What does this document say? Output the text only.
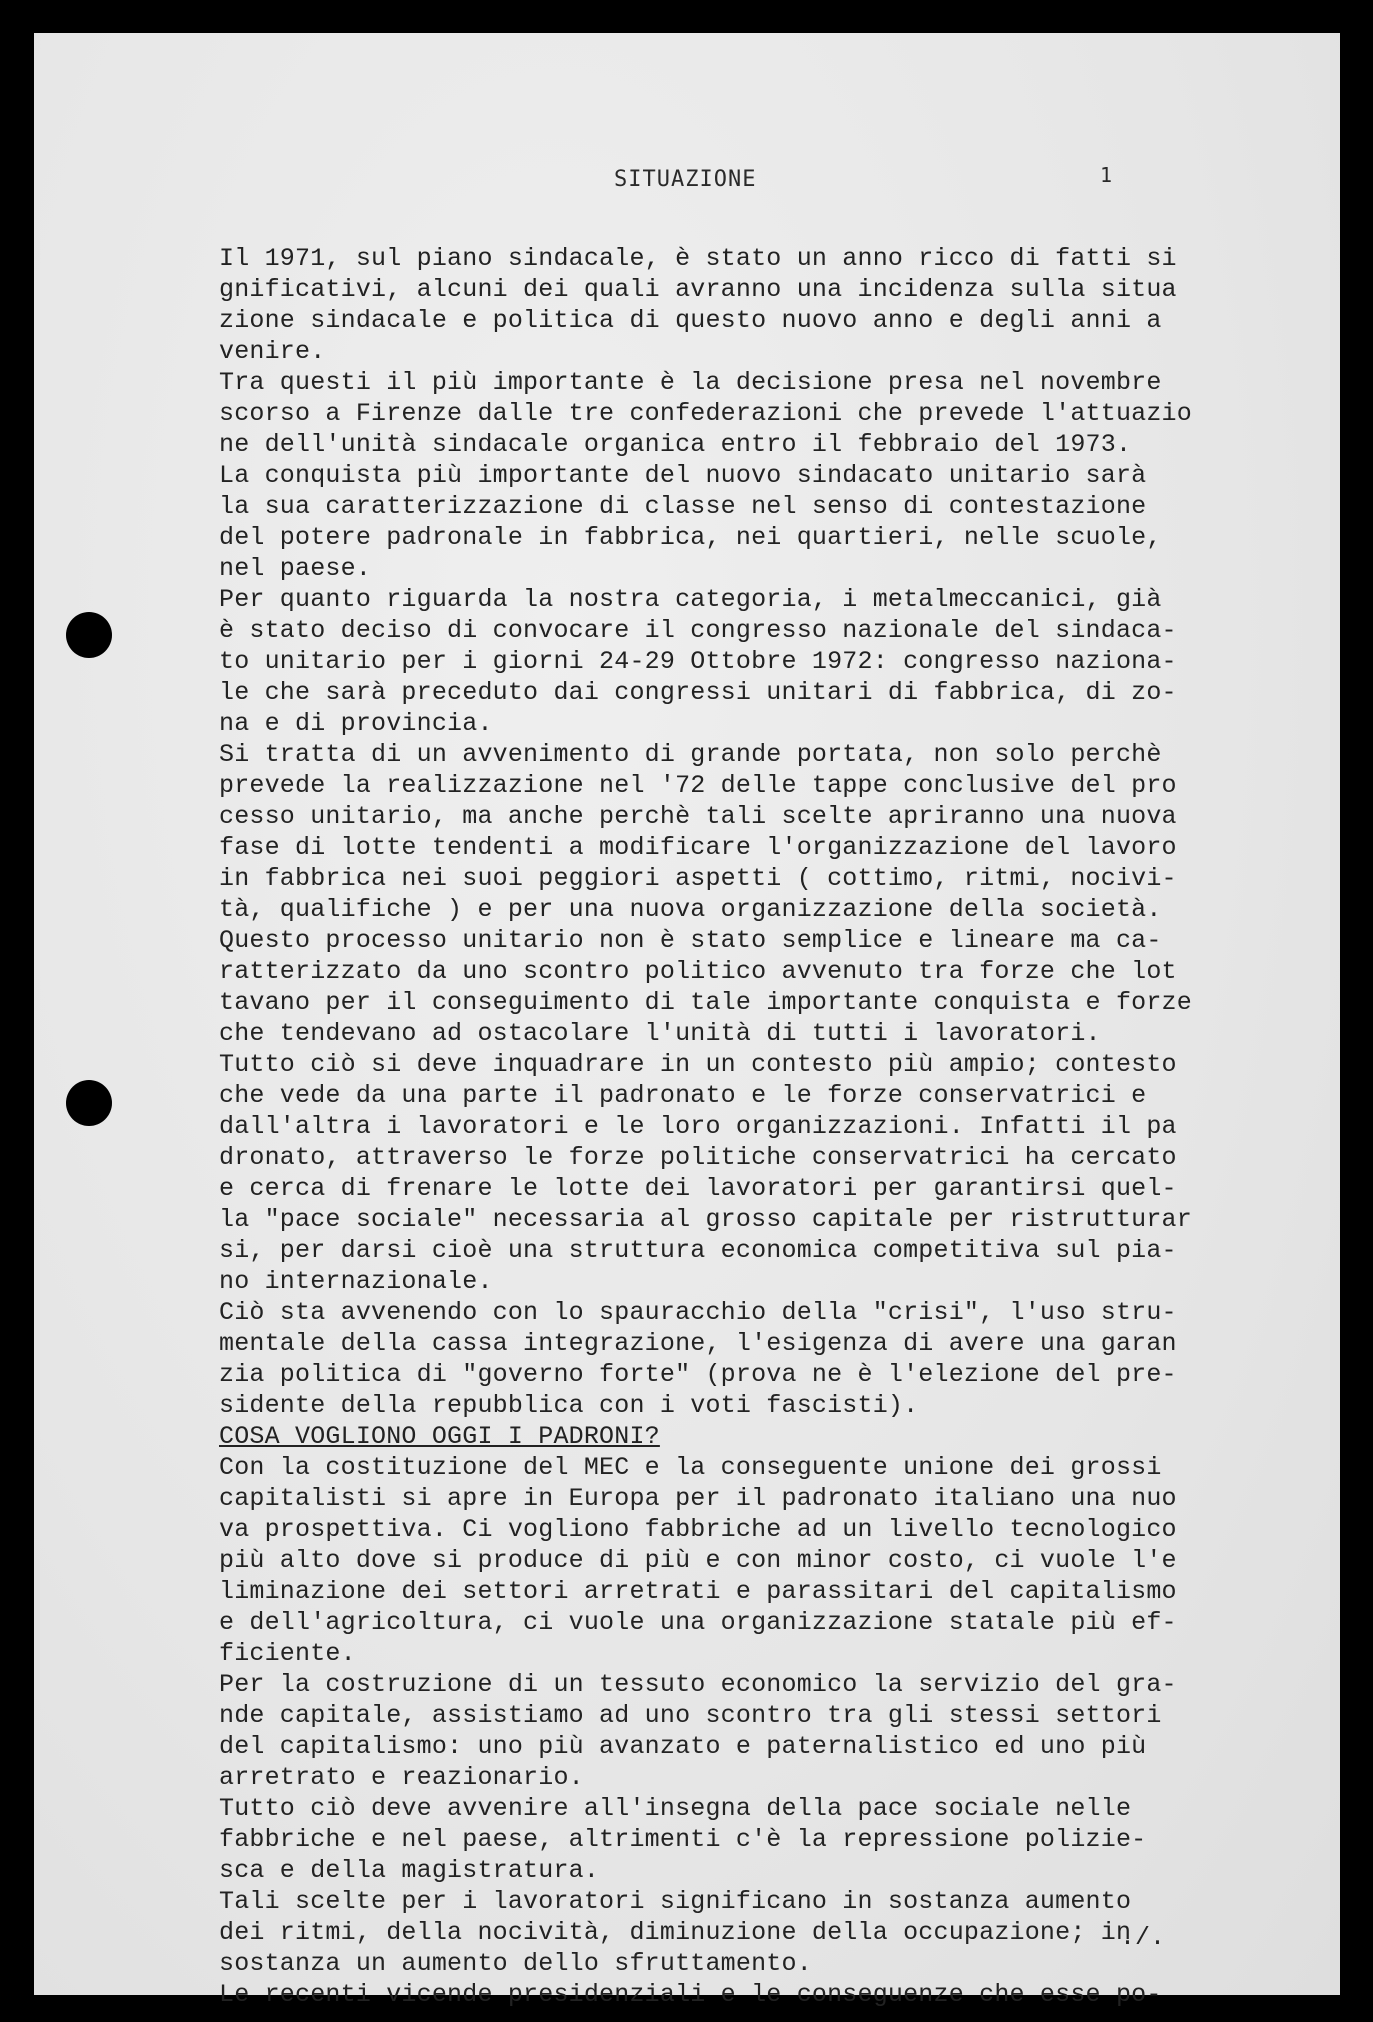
SITUAZIONE	1
Il 1971, sul piano sindacale, è stato un anno ricco di fatti si
gnificativi, alcuni dei quali avranno una incidenza sulla situa
zione sindacale e politica di questo nuovo anno e degli anni a
venire.
Tra questi il più importante è la decisione presa nel novembre
scorso a Firenze dalle tre confederazioni che prevede l'attuazio
ne dell'unità sindacale organica entro il febbraio del 1973.
La conquista più importante del nuovo sindacato unitario sarà
la sua caratterizzazione di classe nel senso di contestazione
del potere padronale in fabbrica, nei quartieri, nelle scuole,
nel paese.
Per quanto riguarda la nostra categoria, i metalmeccanici, già
è stato deciso di convocare il congresso nazionale del sindaca-
to unitario per i giorni 24-29 Ottobre 1972: congresso naziona-
le che sarà preceduto dai congressi unitari di fabbrica, di zo-
na e di provincia.
Si tratta di un avvenimento di grande portata, non solo perchè
prevede la realizzazione nel '72 delle tappe conclusive del pro
cesso unitario, ma anche perchè tali scelte apriranno una nuova
fase di lotte tendenti a modificare l'organizzazione del lavoro
in fabbrica nei suoi peggiori aspetti ( cottimo, ritmi, nocivi-
tà, qualifiche ) e per una nuova organizzazione della società.
Questo processo unitario non è stato semplice e lineare ma ca-
ratterizzato da uno scontro politico avvenuto tra forze che lot
tavano per il conseguimento di tale importante conquista e forze
che tendevano ad ostacolare l'unità di tutti i lavoratori.
Tutto ciò si deve inquadrare in un contesto più ampio; contesto
che vede da una parte il padronato e le forze conservatrici e
dall'altra i lavoratori e le loro organizzazioni. Infatti il pa
dronato, attraverso le forze politiche conservatrici ha cercato
e cerca di frenare le lotte dei lavoratori per garantirsi quel-
la "pace sociale" necessaria al grosso capitale per ristrutturar
si, per darsi cioè una struttura economica competitiva sul pia-
no internazionale.
Ciò sta avvenendo con lo spauracchio della "crisi", l'uso stru-
mentale della cassa integrazione, l'esigenza di avere una garan
zia politica di "governo forte" (prova ne è l'elezione del pre-
sidente della repubblica con i voti fascisti).
COSA VOGLIONO OGGI I PADRONI?
Con la costituzione del MEC e la conseguente unione dei grossi
capitalisti si apre in Europa per il padronato italiano una nuo
va prospettiva. Ci vogliono fabbriche ad un livello tecnologico
più alto dove si produce di più e con minor costo, ci vuole l'e
liminazione dei settori arretrati e parassitari del capitalismo
e dell'agricoltura, ci vuole una organizzazione statale più ef-
ficiente.
Per la costruzione di un tessuto economico la servizio del gra-
nde capitale, assistiamo ad uno scontro tra gli stessi settori
del capitalismo: uno più avanzato e paternalistico ed uno più
arretrato e reazionario.
Tutto ciò deve avvenire all'insegna della pace sociale nelle
fabbriche e nel paese, altrimenti c'è la repressione polizie-
sca e della magistratura.
Tali scelte per i lavoratori significano in sostanza aumento
dei ritmi, della nocività, diminuzione della occupazione; in
sostanza un aumento dello sfruttamento.
Le recenti vicende presidenziali e le conseguenze che esse po-
./.
